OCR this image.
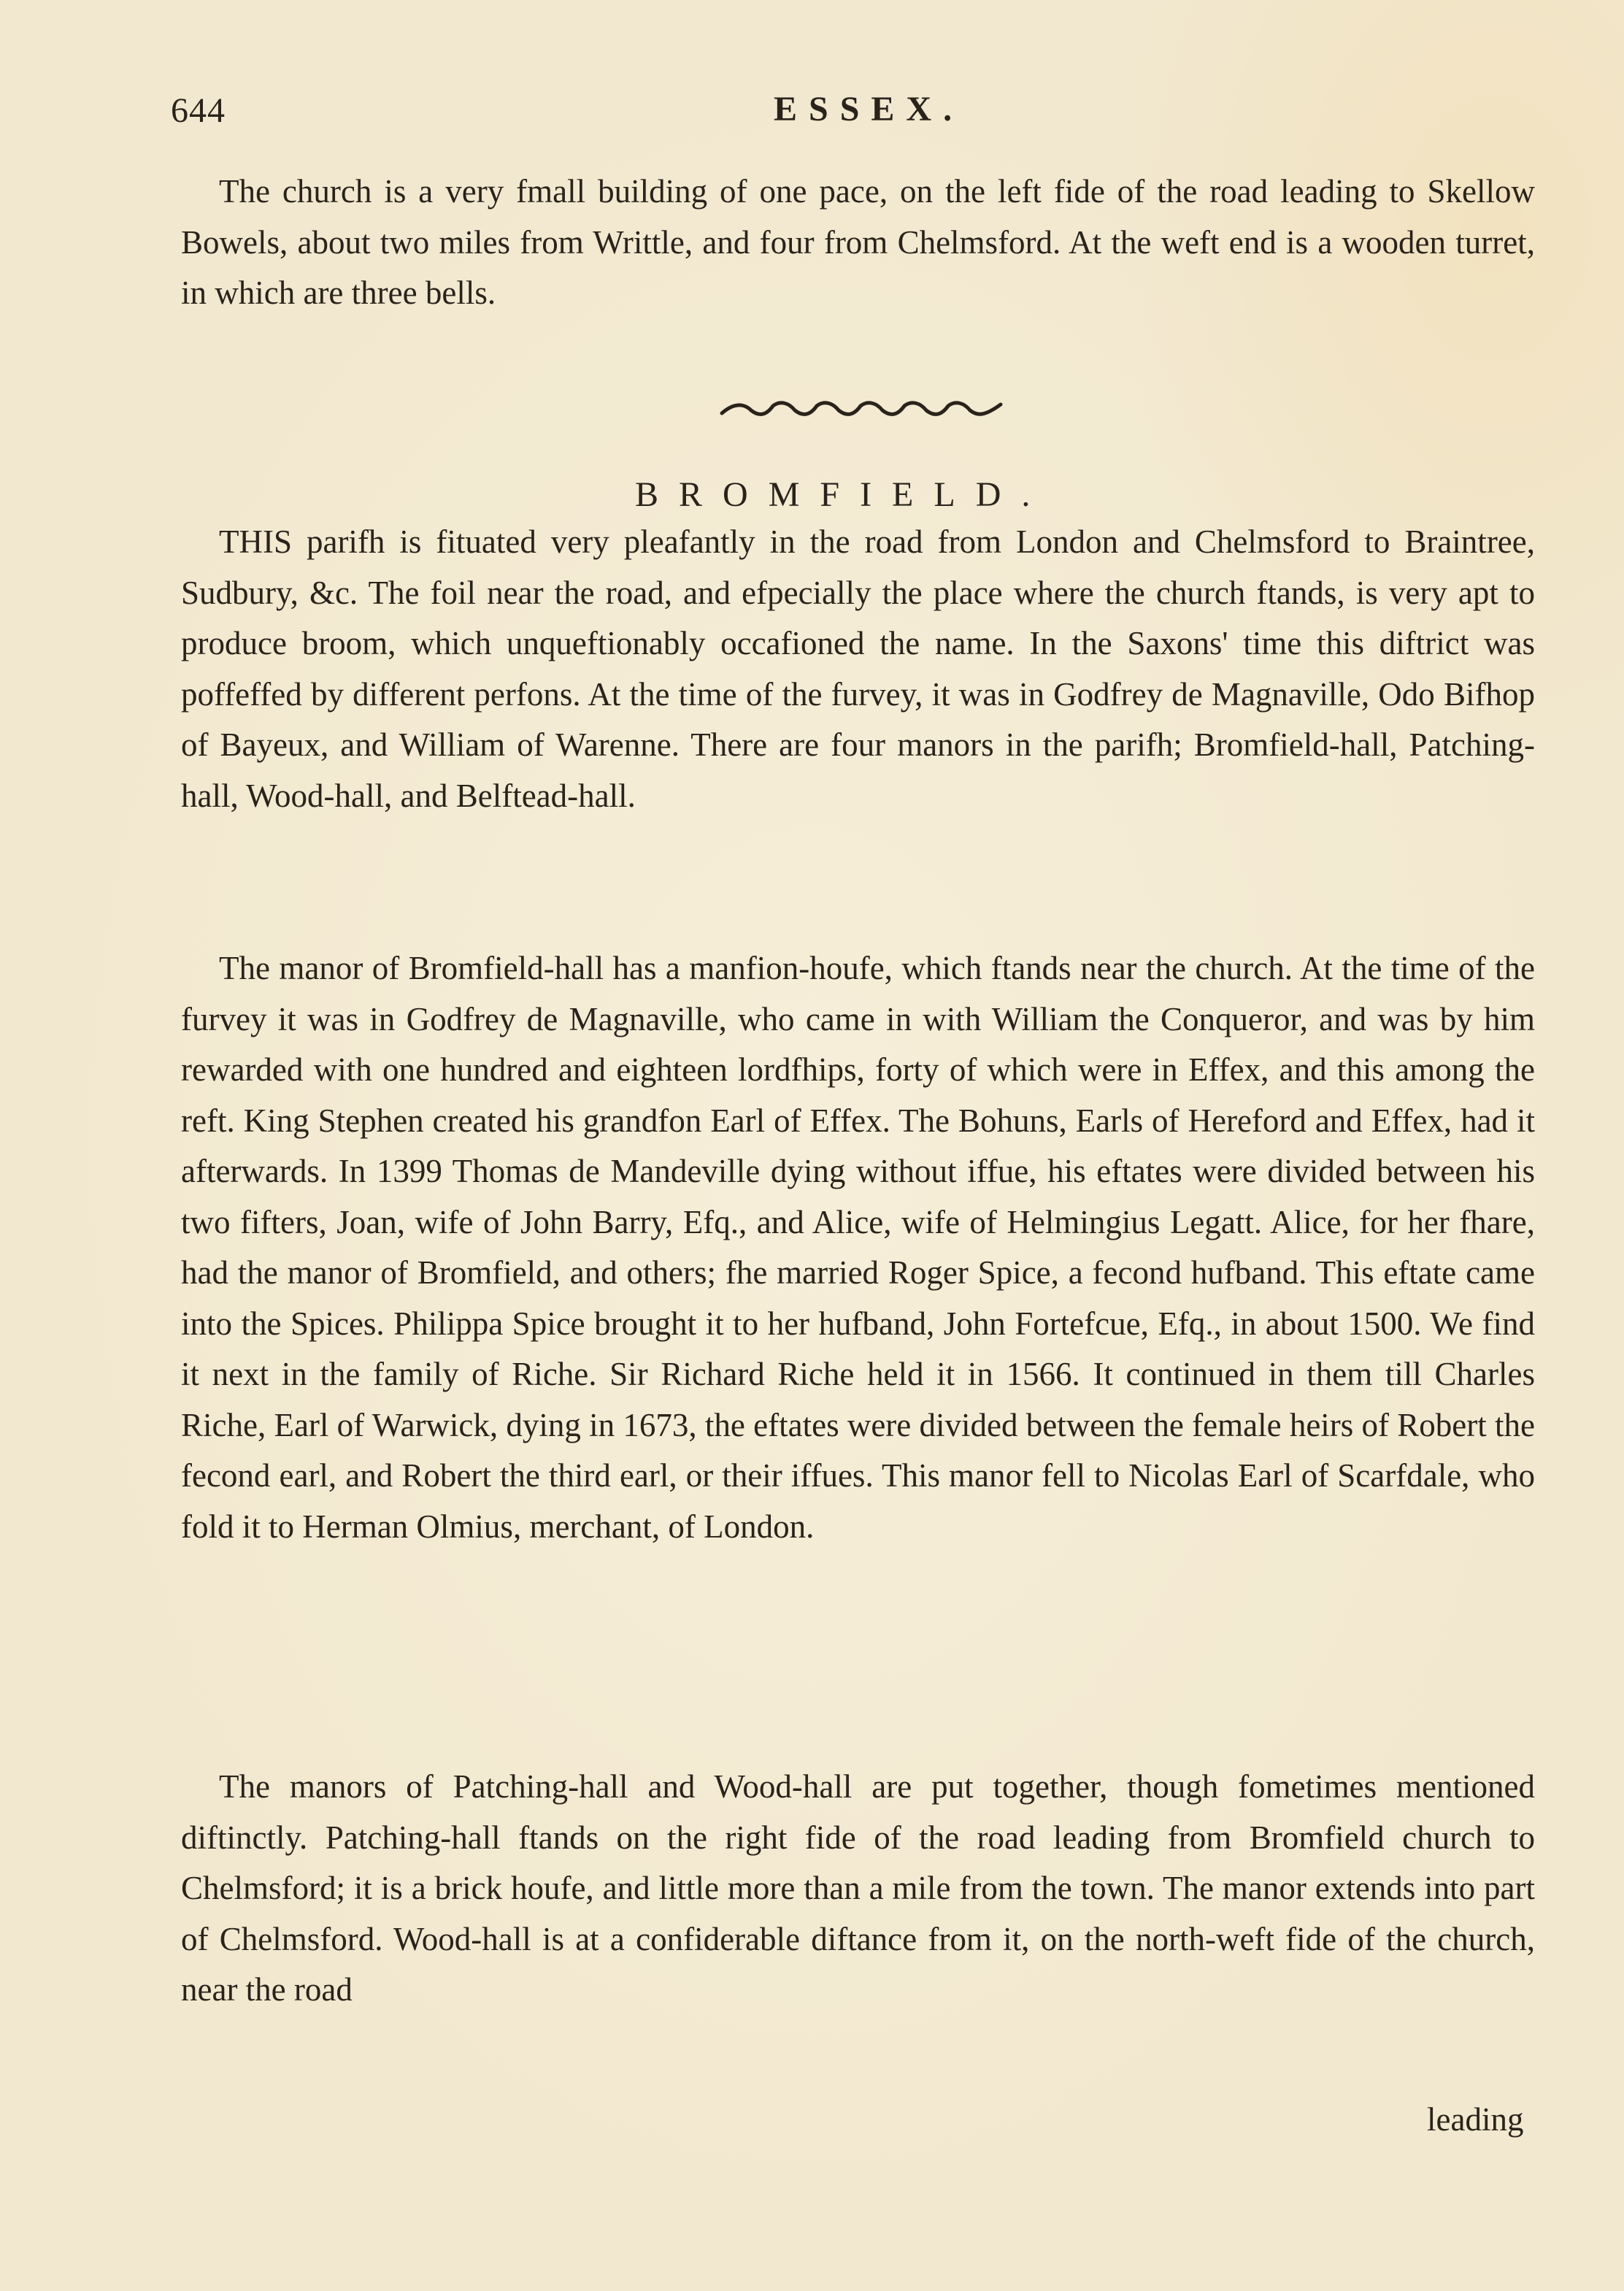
644	ESSEX.

The church is a very fmall building of one pace, on the left fide of the road leading to Skellow Bowels, about two miles from Writtle, and four from Chelmsford. At the weft end is a wooden turret, in which are three bells.

BROMFIELD.

THIS parifh is fituated very pleafantly in the road from London and Chelmsford to Braintree, Sudbury, &c. The foil near the road, and efpecially the place where the church ftands, is very apt to produce broom, which unqueftionably occafioned the name. In the Saxons' time this diftrict was poffeffed by different perfons. At the time of the furvey, it was in Godfrey de Magnaville, Odo Bifhop of Bayeux, and William of Warenne. There are four manors in the parifh; Bromfield-hall, Patching-hall, Wood-hall, and Belftead-hall.

The manor of Bromfield-hall has a manfion-houfe, which ftands near the church. At the time of the furvey it was in Godfrey de Magnaville, who came in with William the Conqueror, and was by him rewarded with one hundred and eighteen lordfhips, forty of which were in Effex, and this among the reft. King Stephen created his grandfon Earl of Effex. The Bohuns, Earls of Hereford and Effex, had it afterwards. In 1399 Thomas de Mandeville dying without iffue, his eftates were divided between his two fifters, Joan, wife of John Barry, Efq., and Alice, wife of Helmingius Legatt. Alice, for her fhare, had the manor of Bromfield, and others; fhe married Roger Spice, a fecond hufband. This eftate came into the Spices. Philippa Spice brought it to her hufband, John Fortefcue, Efq., in about 1500. We find it next in the family of Riche. Sir Richard Riche held it in 1566. It continued in them till Charles Riche, Earl of Warwick, dying in 1673, the eftates were divided between the female heirs of Robert the fecond earl, and Robert the third earl, or their iffues. This manor fell to Nicolas Earl of Scarfdale, who fold it to Herman Olmius, merchant, of London.

The manors of Patching-hall and Wood-hall are put together, though fometimes mentioned diftinctly. Patching-hall ftands on the right fide of the road leading from Bromfield church to Chelmsford; it is a brick houfe, and little more than a mile from the town. The manor extends into part of Chelmsford. Wood-hall is at a confiderable diftance from it, on the north-weft fide of the church, near the road

leading
